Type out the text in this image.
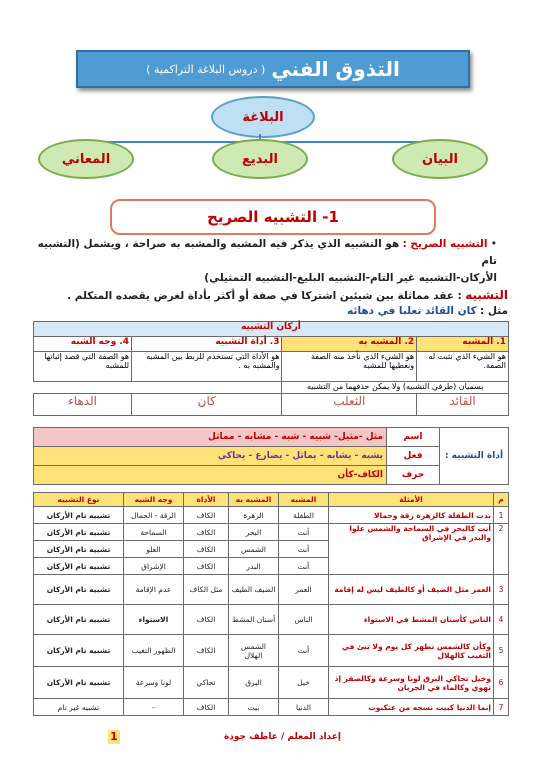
التذوق الفني
( دروس البلاغة التراكمية )
البلاغة
البيان
البديع
المعاني
1- التشبيه الصريح
• التشبيه الصريح : هو التشبيه الذي يذكر فيه المشبه والمشبه به صراحة ، ويشمل (التشبيه تام
الأركان-التشبيه غير التام-التشبيه البليغ-التشبيه التمثيلي)
التشبيه : عقد مماثلة بين شيئين اشتركا في صفة أو أكثر بأداة لغرض يقصده المتكلم .
مثل : كان القائد ثعلبا في دهائه
أركان التشبيه			
1. المشبه	2. المشبه به	3. أداة التشبيه	4. وجه الشبه
هو الشيء الذي نثبت له الصفة.	هو الشيء الذي نأخذ منه الصفة ونعطيها للمشبه	هو الأداة التي تستخدم للربط بين المشبه والمشبه به .	هو الصفة التي قصد إثباتها للمشبه
يسميان (طرفي التشبيه) ولا يمكن حذفهما من التشبيه			
القائد	الثعلب	كان	الدهاء
أداة التشبيه :	اسم	مثل -مثيل- شبيه - شبه - مشابه - مماثل
	فعل	يشبه - يشابه - يماثل - يضارع - يحاكي
	حرف	الكاف-كأن
م	الأمثلة	المشبه	المشبه به	الأداة	وجه الشبه	نوع التشبيه
1	بدت الطفلة كالزهرة رقة وجمالا	الطفلة	الزهرة	الكاف	الرقة - الجمال	تشبيه تام الأركان
2	أنت كالبحر في السماحة والشمس علوا والبدر في الإشراق	أنت	البحر	الكاف	السماحة	تشبيه تام الأركان
		أنت	الشمس	الكاف	العلو	تشبيه تام الأركان
		أنت	البدر	الكاف	الإشراق	تشبيه تام الأركان
3	العمر مثل الضيف أو كالطيف ليس له إقامة	العمر	الضيف الطيف	مثل الكاف	عدم الإقامة	تشبيه تام الأركان
4	الناس كأسنان المشط في الاستواء	الناس	أسنان المشط	الكاف	الاستواء	تشبيه تام الأركان
5	وكأن كالشمس تظهر كل يوم ولا تنئ في التغيب كالهلال	أنت	الشمس الهلال	الكاف	الظهور التغيب	تشبيه تام الأركان
6	وخيل تحاكي البرق لونا وسرعة وكالصقر إذ تهوي وكالماء في الجريان	خيل	البرق	تحاكي	لونا وسرعة	تشبيه تام الأركان
7	إنما الدنيا كبيت نسجه من عنكبوت	الدنيا	بيت	الكاف	-	تشبيه غير تام
1	إعداد المعلم / عاطف جودة
